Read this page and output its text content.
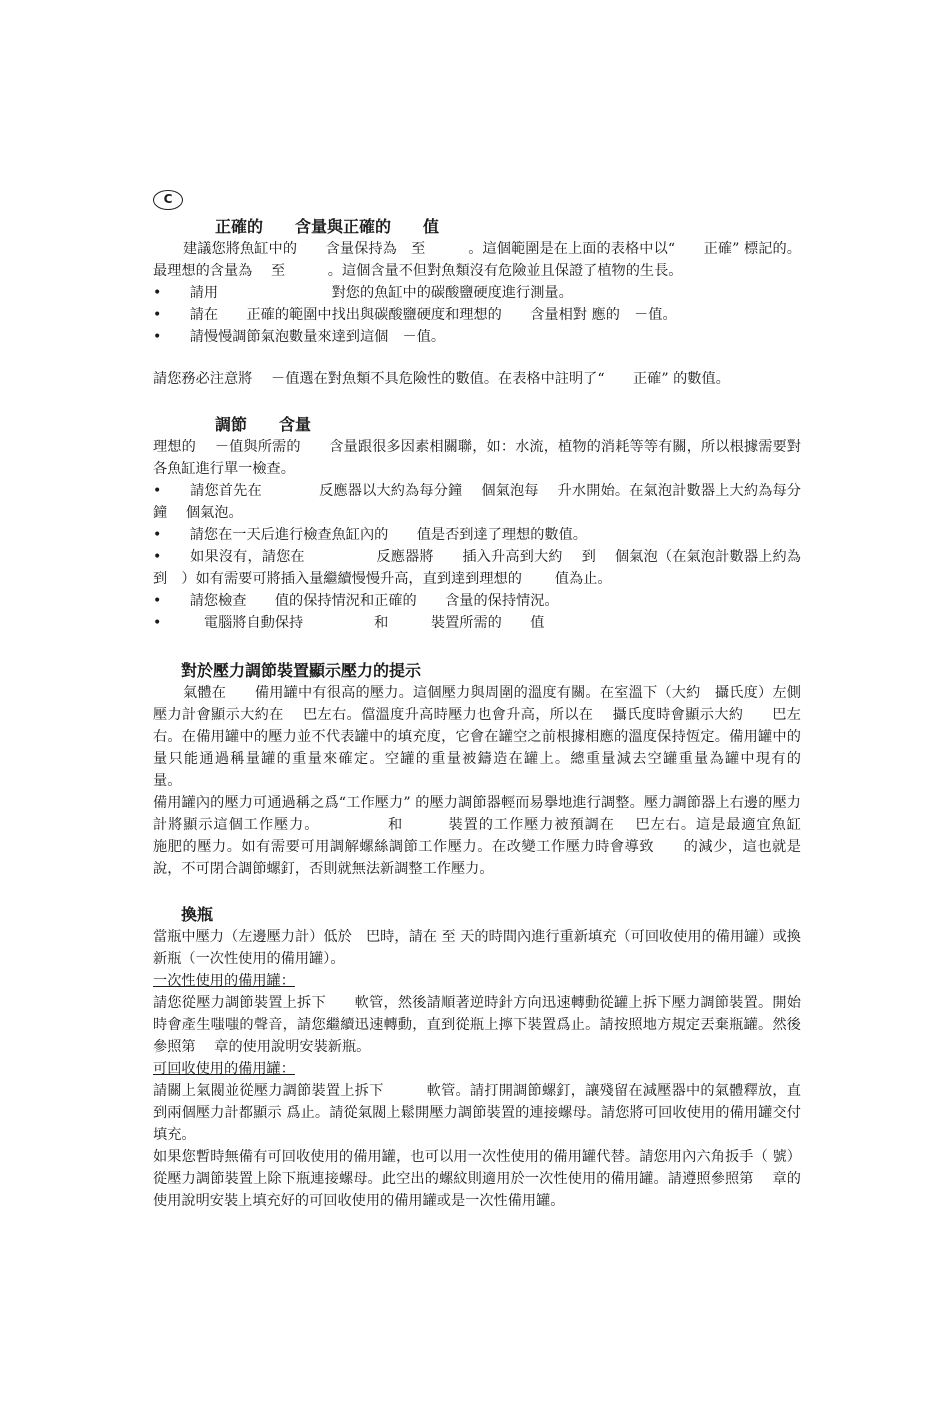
C
正確的　　含量與正確的　　值

建議您將魚缸中的　　含量保持為　至　　　。這個範圍是在上面的表格中以“　　正確” 標記的。最理想的含量為　 至　　　。這個含量不但對魚類沒有危險並且保證了植物的生長。

•　　請用　　　　　　　　對您的魚缸中的碳酸鹽硬度進行測量。

•　　請在　　正確的範圍中找出與碳酸鹽硬度和理想的　　含量相對 應的　－值。

•　　請慢慢調節氣泡數量來達到這個　－值。

請您務必注意將　 －值選在對魚類不具危險性的數值。在表格中註明了“　　正確” 的數值。

調節　　含量

理想的　 －值與所需的　　含量跟很多因素相關聯，如：水流，植物的消耗等等有關，所以根據需要對各魚缸進行單一檢查。

•　　請您首先在　　　　反應器以大約為每分鐘　 個氣泡每　 升水開始。在氣泡計數器上大約為每分鐘　 個氣泡。

•　　請您在一天后進行檢查魚缸內的　　值是否到達了理想的數值。

•　　如果沒有，請您在　　　　　反應器將　　插入升高到大約　 到　 個氣泡（在氣泡計數器上約為　到　）如有需要可將插入量繼續慢慢升高，直到達到理想的　　 值為止。

•　　請您檢查　　值的保持情況和正確的　　含量的保持情況。

•　　　電腦將自動保持　　　　　和　　　裝置所需的　　值

對於壓力調節裝置顯示壓力的提示

氣體在　　備用罐中有很高的壓力。這個壓力與周圍的溫度有關。在室溫下（大約　攝氏度）左側壓力計會顯示大約在　 巴左右。儅溫度升高時壓力也會升高，所以在　 攝氏度時會顯示大約　　巴左右。在備用罐中的壓力並不代表罐中的填充度，它會在罐空之前根據相應的溫度保持恆定。備用罐中的　　量只能通過稱量罐的重量來確定。空罐的重量被鑄造在罐上。總重量減去空罐重量為罐中現有的　　量。

備用罐內的壓力可通過稱之爲“工作壓力” 的壓力調節器輕而易擧地進行調整。壓力調節器上右邊的壓力計將顯示這個工作壓力。　　　　　和　　　裝置的工作壓力被預調在　 巴左右。這是最適宜魚缸　　施肥的壓力。如有需要可用調解螺絲調節工作壓力。在改變工作壓力時會導致　　的減少，這也就是說，不可閉合調節螺釘，否則就無法新調整工作壓力。

換瓶

當瓶中壓力（左邊壓力計）低於　巴時，請在 至 天的時間內進行重新填充（可回收使用的備用罐）或換新瓶（一次性使用的備用罐）。

一次性使用的備用罐：

請您從壓力調節裝置上拆下　　軟管，然後請順著逆時針方向迅速轉動從罐上拆下壓力調節裝置。開始時會產生嗤嗤的聲音，請您繼續迅速轉動，直到從瓶上擰下裝置爲止。請按照地方規定丟棄瓶罐。然後參照第　 章的使用說明安裝新瓶。

可回收使用的備用罐：

請關上氣閥並從壓力調節裝置上拆下　　　軟管。請打開調節螺釘，讓殘留在減壓器中的氣體釋放，直到兩個壓力計都顯示 爲止。請從氣閥上鬆開壓力調節裝置的連接螺母。請您將可回收使用的備用罐交付填充。

如果您暫時無備有可回收使用的備用罐，也可以用一次性使用的備用罐代替。請您用內六角扳手（ 號）從壓力調節裝置上除下瓶連接螺母。此空出的螺紋則適用於一次性使用的備用罐。請遵照參照第　 章的使用說明安裝上填充好的可回收使用的備用罐或是一次性備用罐。
